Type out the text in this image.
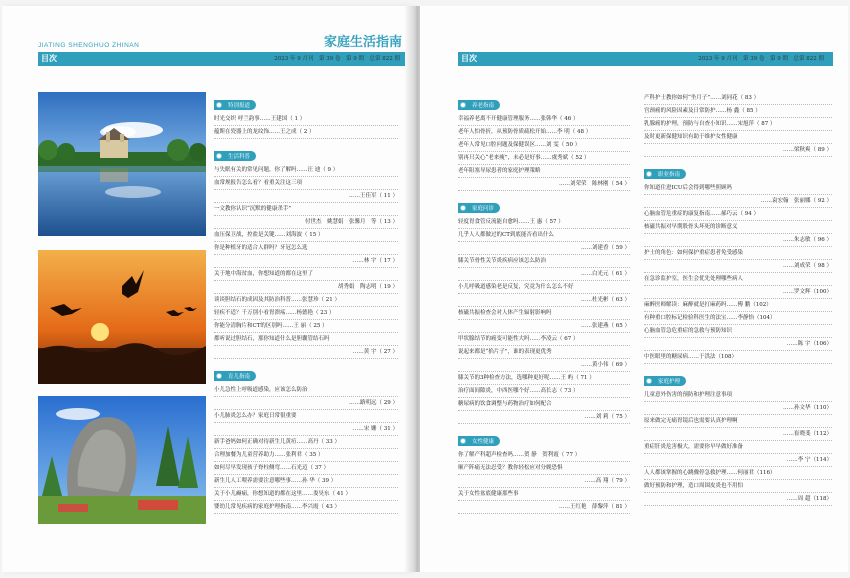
JIATING SHENGHUO ZHINAN	家庭生活指南
目次	2023 年 9 月刊　第 39 卷　第 9 期　总第 822 期
特别报道
时光交织 呼兰韵事……王建国（ 1 ）
蕴斯在瓷器上的龙纹饰……王之成（ 2 ）
生活科普
与失眠有关的常见问题，你了解吗……汪 迪（ 9 ）
血常规报告怎么看？看重关注这三项
……王佳军（ 11 ）
一文教你认识“沉默的健康杀手”
付世杰　姚慧娟　张馨月　等（ 13 ）
血压保卫战，控盐是关键……刘海波（ 15 ）
你是种植牙的适合人群吗？牙冠怎么选
……林 宇（ 17 ）
关于地中海贫血，你想知道的都在这里了
胡秀娟　陶志明（ 19 ）
谈谈胆结石的成因及其防治科普……张慧珍（ 21 ）
轻疾不适？千万别小看胃溃疡……杨德艳（ 23 ）
你能分清胸片和CT的区别吗……王 丽（ 25 ）
都听说过胆结石，那你知道什么是胆囊管结石吗
……黄 宇（ 27 ）
育儿指南
小儿急性上呼吸道感染，应该怎么防治
……路明远（ 29 ）
小儿肺炎怎么办？家庭日常很重要
……宋 姗（ 31 ）
新手爸妈如何正确对待新生儿黄疸……高丹（ 33 ）
合理加餐为儿童营养助力……张利君（ 35 ）
如何尽早发现孩子脊柱侧弯……石光迈（ 37 ）
新生儿人工喂养需要注意哪些事……孙 华（ 39 ）
关于小儿癫痫，你想知道的都在这里……娄昊东（ 41 ）
婴幼儿常见疾病的家庭护理指南……李兴霞（ 43 ）
目次	2023 年 9 月刊　第 39 卷　第 9 期　总第 822 期
养老指南
幸福养老离不开健康管理服务……张韩华（ 46 ）
老年人怕骨折，从预防骨质疏松开始……李 明（ 48 ）
老年人常见口腔问题及保健误区……刘 雯（ 50 ）
别再只关心“老来瘦”，未必是好事……虞秀斌（ 52 ）
老年阻塞导尿患者的家庭护理策略
……刘荣荣　陈林刚（ 54 ）
家庭问诊
轻度胃食管反流能自愈吗……王 惠（ 57 ）
几乎人人都做过的CT到底能否看出什么
……刘建香（ 59 ）
膝关节骨性关节炎疾病应该怎么防治
……白光元（ 61 ）
小儿呼吸道感染老是反复，究竟为什么怎么不好
……杜光彬（ 63 ）
核磁共振检查会对人体产生辐射影响吗
……张建燕（ 65 ）
甲状腺结节的癌变可能性大吗……李凌云（ 67 ）
说起来都是“掐片子”，谁的表现更优秀
……黄小伟（ 69 ）
膝关节的3种检查方法，选哪种更好呢……王 屿（ 71 ）
治疗面间隙炎，中西医哪个好……高长志（ 73 ）
糖尿病的饮食调整与药物治疗如何配合
……刘 莉（ 75 ）
女性健康
你了解产科超声检查吗……贺 静　贺利霞（ 77 ）
顺产阵痛无法忍受？教你轻松应对分娩恐惧
……高 翔（ 79 ）
关于女性盆底健康那些事
……王红艳　薛黎萍（ 81 ）
产科护士教你如何“坐月子”……刘同花（ 83 ）
宫颈癌的风险因素及日常防护……杨 鑫（ 85 ）
乳腺癌的护理，预防与自查小知识……宋旭萍（ 87 ）
及时更新保健知识有助于维护女性健康
……梁秋爽（ 89 ）
职业指南
你知道住进ICU后会得到哪些照顾吗
……袁宏翰　张丽娜（ 92 ）
心脑血管危重症的康复指南……郝巧云（ 94 ）
核磁共振对早期股骨头坏死的诊断意义
……朱志敏（ 96 ）
护士的角色：如何保护重症患者免受感染
……刘成荣（ 98 ）
在急诊监护室，医生会优先处理哪些病人
……罗文辉（100）
麻醉医师解读：麻醉就是打麻药吗……傅 鹏（102）
有种重口腔标记检验科医生的法宝……李静怡（104）
心脑血管急危重症的急救与预防知识
……陈 宇（106）
中医眼里的糖尿病……于洪法（108）
家庭护理
儿童意外伤害的预防和护理注意事项
……孙文华（110）
原来做完无痛胃镜后也需要认真护理啊
……崔晓斐（112）
重症肝炎危害极大，需要你早早做好准备
……李 宁（114）
人人都该掌握的心跳骤停急救护理……何丽君（116）
做好预防和护理，造口周围皮炎也不用怕
……周 超（118）
